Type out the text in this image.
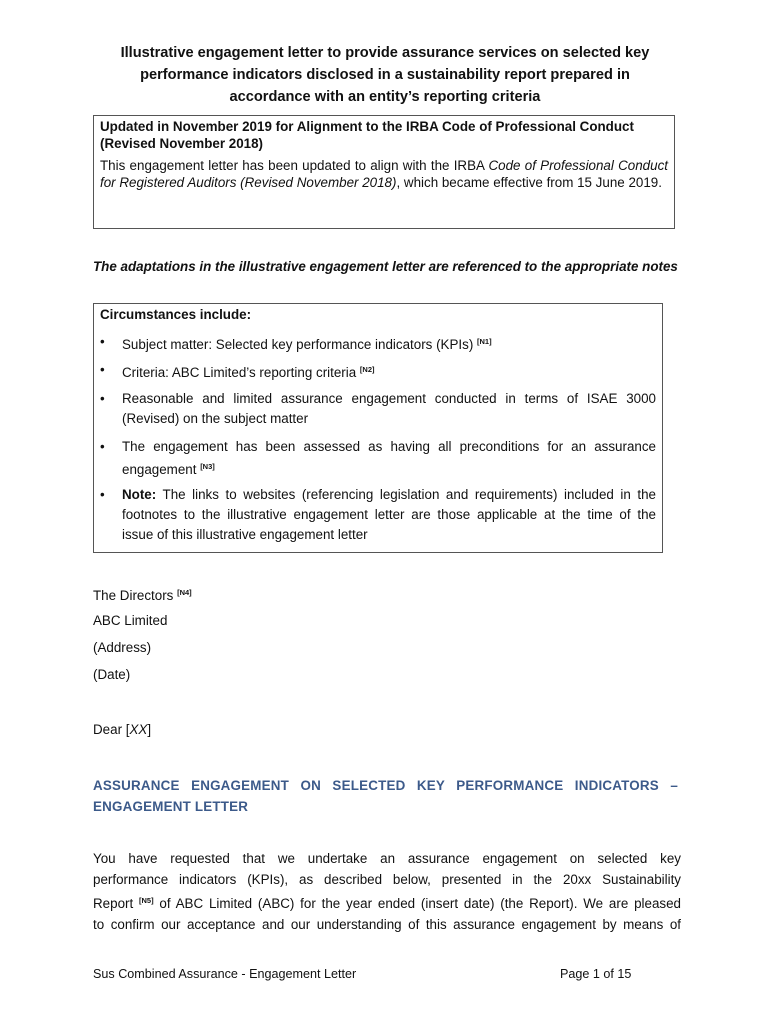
Illustrative engagement letter to provide assurance services on selected key
performance indicators disclosed in a sustainability report prepared in
accordance with an entity’s reporting criteria
Updated in November 2019 for Alignment to the IRBA Code of Professional Conduct (Revised November 2018)
This engagement letter has been updated to align with the IRBA Code of Professional Conduct for Registered Auditors (Revised November 2018), which became effective from 15 June 2019.
The adaptations in the illustrative engagement letter are referenced to the appropriate notes
Circumstances include:
• Subject matter: Selected key performance indicators (KPIs) [N1]
• Criteria: ABC Limited’s reporting criteria [N2]
• Reasonable and limited assurance engagement conducted in terms of ISAE 3000
(Revised) on the subject matter
• The engagement has been assessed as having all preconditions for an assurance
engagement [N3]
• Note: The links to websites (referencing legislation and requirements) included in the
footnotes to the illustrative engagement letter are those applicable at the time of the
issue of this illustrative engagement letter
The Directors [N4]
ABC Limited
(Address)
(Date)
Dear [XX]
ASSURANCE ENGAGEMENT ON SELECTED KEY PERFORMANCE INDICATORS –
ENGAGEMENT LETTER
You have requested that we undertake an assurance engagement on selected key
performance indicators (KPIs), as described below, presented in the 20xx Sustainability
Report [N5] of ABC Limited (ABC) for the year ended (insert date) (the Report). We are pleased
to confirm our acceptance and our understanding of this assurance engagement by means of
Sus Combined Assurance - Engagement Letter	Page 1 of 15
